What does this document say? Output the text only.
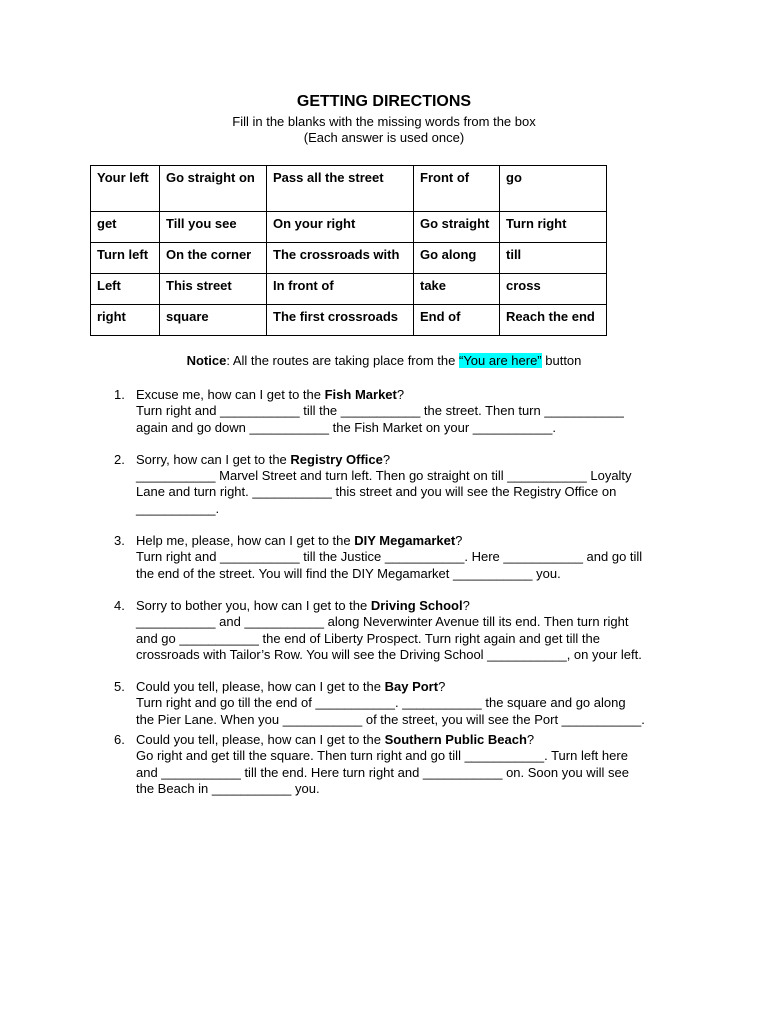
GETTING DIRECTIONS
Fill in the blanks with the missing words from the box
(Each answer is used once)
Your left	Go straight on	Pass all the street	Front of	go
get	Till you see	On your right	Go straight	Turn right
Turn left	On the corner	The crossroads with	Go along	till
Left	This street	In front of	take	cross
right	square	The first crossroads	End of	Reach the end
Notice: All the routes are taking place from the “You are here” button
1. Excuse me, how can I get to the Fish Market?
Turn right and ___________ till the ___________ the street. Then turn ___________
again and go down ___________ the Fish Market on your ___________.
2. Sorry, how can I get to the Registry Office?
___________ Marvel Street and turn left. Then go straight on till ___________ Loyalty
Lane and turn right. ___________ this street and you will see the Registry Office on
___________.
3. Help me, please, how can I get to the DIY Megamarket?
Turn right and ___________ till the Justice ___________. Here ___________ and go till
the end of the street. You will find the DIY Megamarket ___________ you.
4. Sorry to bother you, how can I get to the Driving School?
___________ and ___________ along Neverwinter Avenue till its end. Then turn right
and go ___________ the end of Liberty Prospect. Turn right again and get till the
crossroads with Tailor’s Row. You will see the Driving School ___________, on your left.
5. Could you tell, please, how can I get to the Bay Port?
Turn right and go till the end of ___________. ___________ the square and go along
the Pier Lane. When you ___________ of the street, you will see the Port ___________.
6. Could you tell, please, how can I get to the Southern Public Beach?
Go right and get till the square. Then turn right and go till ___________. Turn left here
and ___________ till the end. Here turn right and ___________ on. Soon you will see
the Beach in ___________ you.
